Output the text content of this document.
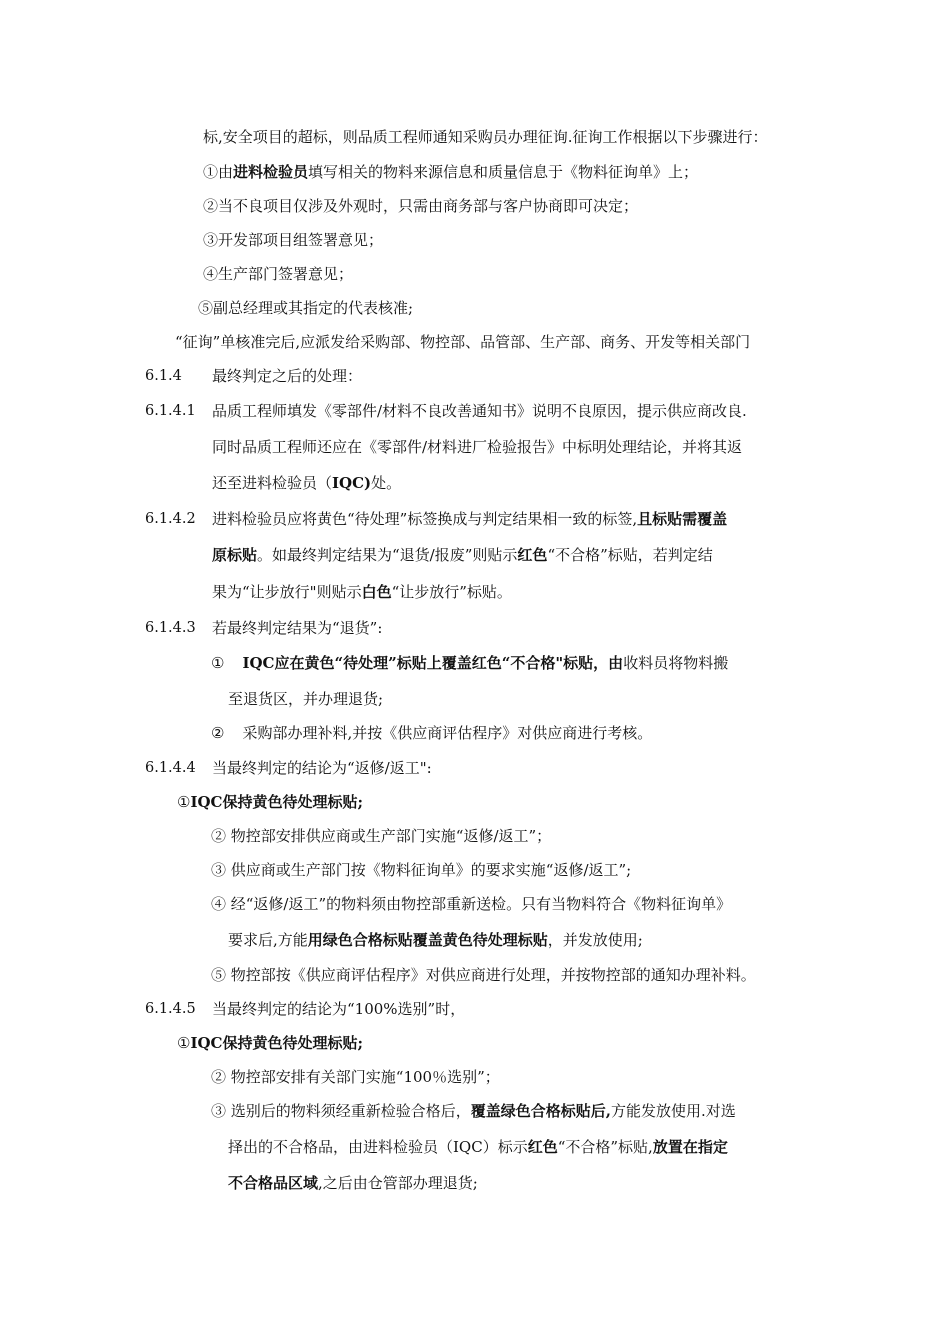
标,安全项目的超标，则品质工程师通知采购员办理征询.征询工作根据以下步骤进行：
①由进料检验员填写相关的物料来源信息和质量信息于《物料征询单》上；
②当不良项目仅涉及外观时，只需由商务部与客户协商即可决定；
③开发部项目组签署意见；
④生产部门签署意见；
⑤副总经理或其指定的代表核准;
“征询”单核准完后,应派发给采购部、物控部、品管部、生产部、商务、开发等相关部门
6.1.4 最终判定之后的处理：
6.1.4.1 品质工程师填发《零部件/材料不良改善通知书》说明不良原因，提示供应商改良.
同时品质工程师还应在《零部件/材料进厂检验报告》中标明处理结论，并将其返
还至进料检验员（IQC)处。
6.1.4.2 进料检验员应将黄色“待处理”标签换成与判定结果相一致的标签,且标贴需覆盖
原标贴。如最终判定结果为“退货/报废”则贴示红色“不合格”标贴，若判定结
果为“让步放行"则贴示白色“让步放行”标贴。
6.1.4.3 若最终判定结果为“退货”:
① IQC应在黄色“待处理”标贴上覆盖红色“不合格"标贴，由收料员将物料搬
至退货区，并办理退货;
② 采购部办理补料,并按《供应商评估程序》对供应商进行考核。
6.1.4.4 当最终判定的结论为“返修/返工":
①IQC保持黄色待处理标贴;
② 物控部安排供应商或生产部门实施“返修/返工”；
③ 供应商或生产部门按《物料征询单》的要求实施“返修/返工”;
④ 经“返修/返工”的物料须由物控部重新送检。只有当物料符合《物料征询单》
要求后,方能用绿色合格标贴覆盖黄色待处理标贴，并发放使用;
⑤ 物控部按《供应商评估程序》对供应商进行处理，并按物控部的通知办理补料。
6.1.4.5 当最终判定的结论为“100%选别”时，
①IQC保持黄色待处理标贴;
② 物控部安排有关部门实施“100％选别”；
③ 选别后的物料须经重新检验合格后，覆盖绿色合格标贴后,方能发放使用.对选
择出的不合格品，由进料检验员（IQC）标示红色“不合格”标贴,放置在指定
不合格品区域,之后由仓管部办理退货;
